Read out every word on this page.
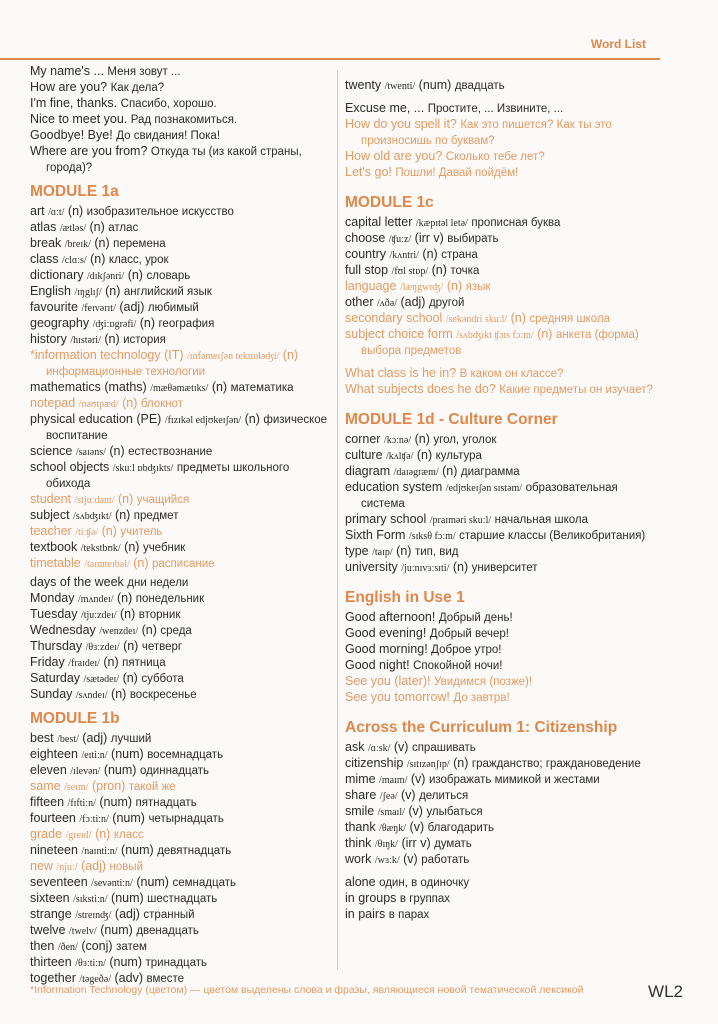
Word List
My name's ... Меня зовут ...
How are you? Как дела?
I'm fine, thanks. Спасибо, хорошо.
Nice to meet you. Рад познакомиться.
Goodbye! Bye! До свидания! Пока!
Where are you from? Откуда ты (из какой страны, города)?
MODULE 1a
art /ɑːt/ (n) изобразительное искусство
atlas /ætləs/ (n) атлас
break /breɪk/ (n) перемена
class /clɑːs/ (n) класс, урок
dictionary /dɪkʃənri/ (n) словарь
English /ɪŋglɪʃ/ (n) английский язык
favourite /feɪvərɪt/ (adj) любимый
geography /ʤiːɒgrəfi/ (n) география
history /hɪstəri/ (n) история
*information technology (IT) /ɪnfəmeɪʃən teknɒləʤi/ (n) информационные технологии
mathematics (maths) /mæθəmætɪks/ (n) математика
notepad /nəʊtpæd/ (n) блокнот
physical education (PE) /fɪzɪkəl edjʊkeɪʃən/ (n) физическое воспитание
science /saɪəns/ (n) естествознание
school objects /skuːl ɒbʤɪkts/ предметы школьного обихода
student /stjuːdənt/ (n) учащийся
subject /sʌbʤɪkt/ (n) предмет
teacher /tiːʧə/ (n) учитель
textbook /tekstbʊk/ (n) учебник
timetable /taɪmteɪbəl/ (n) расписание
days of the week дни недели
Monday /mʌndeɪ/ (n) понедельник
Tuesday /tjuːzdeɪ/ (n) вторник
Wednesday /wenzdeɪ/ (n) среда
Thursday /θɜːzdeɪ/ (n) четверг
Friday /fraɪdeɪ/ (n) пятница
Saturday /sætədeɪ/ (n) суббота
Sunday /sʌndeɪ/ (n) воскресенье
MODULE 1b
best /best/ (adj) лучший
eighteen /eɪtiːn/ (num) восемнадцать
eleven /ɪlevən/ (num) одиннадцать
same /seɪm/ (pron) такой же
fifteen /fɪftiːn/ (num) пятнадцать
fourteen /fɔːtiːn/ (num) четырнадцать
grade /greɪd/ (n) класс
nineteen /naɪntiːn/ (num) девятнадцать
new /njuː/ (adj) новый
seventeen /sevəntiːn/ (num) семнадцать
sixteen /sɪkstiːn/ (num) шестнадцать
strange /streɪnʤ/ (adj) странный
twelve /twelv/ (num) двенадцать
then /ðen/ (conj) затем
thirteen /θɜːtiːn/ (num) тринадцать
together /təgeðə/ (adv) вместе
twenty /twenti/ (num) двадцать
Excuse me, ... Простите, ... Извините, ...
How do you spell it? Как это пишется? Как ты это произносишь по буквам?
How old are you? Сколько тебе лет?
Let's go! Пошли! Давай пойдём!
MODULE 1c
capital letter /kæpɪtəl letə/ прописная буква
choose /ʧuːz/ (irr v) выбирать
country /kʌntri/ (n) страна
full stop /fʊl stɒp/ (n) точка
language /læŋgwɪʤ/ (n) язык
other /ʌðə/ (adj) другой
secondary school /sekəndri skuːl/ (n) средняя школа
subject choice form /sʌbʤɪkt ʧɔɪs fɔːm/ (n) анкета (форма) выбора предметов
What class is he in? В каком он классе?
What subjects does he do? Какие предметы он изучает?
MODULE 1d - Culture Corner
corner /kɔːnə/ (n) угол, уголок
culture /kʌlʧə/ (n) культура
diagram /daɪəgræm/ (n) диаграмма
education system /edjʊkeɪʃən sɪstəm/ образовательная система
primary school /praɪməri skuːl/ начальная школа
Sixth Form /sɪksθ fɔːm/ старшие классы (Великобритания)
type /taɪp/ (n) тип, вид
university /juːnɪvɜːsɪti/ (n) университет
English in Use 1
Good afternoon! Добрый день!
Good evening! Добрый вечер!
Good morning! Доброе утро!
Good night! Спокойной ночи!
See you (later)! Увидимся (позже)!
See you tomorrow! До завтра!
Across the Curriculum 1: Citizenship
ask /ɑːsk/ (v) спрашивать
citizenship /sɪtɪzənʃɪp/ (n) гражданство; граждановедение
mime /maɪm/ (v) изображать мимикой и жестами
share /ʃeə/ (v) делиться
smile /smaɪl/ (v) улыбаться
thank /θæŋk/ (v) благодарить
think /θɪŋk/ (irr v) думать
work /wɜːk/ (v) работать
alone один, в одиночку
in groups в группах
in pairs в парах
*Information Technology (цветом) — цветом выделены слова и фразы, являющиеся новой тематической лексикой	WL2
